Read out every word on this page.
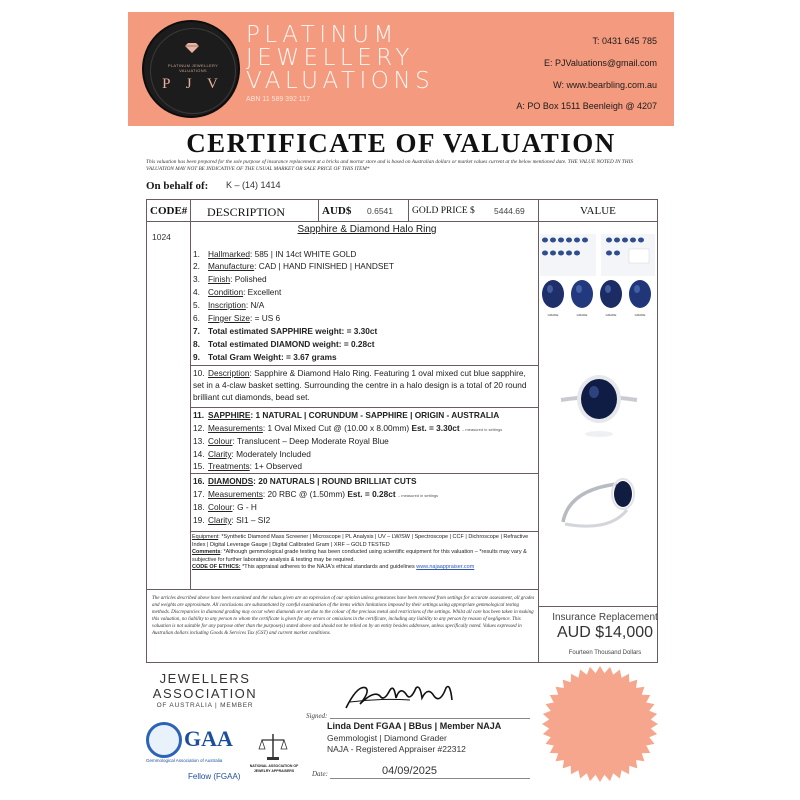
PLATINUM JEWELLERY VALUATIONS
P J V
PLATINUM
JEWELLERY
VALUATIONS
ABN 11 589 392 117
T: 0431 645 785
E: PJValuations@gmail.com
W: www.bearbling.com.au
A: PO Box 1511 Beenleigh @ 4207
CERTIFICATE OF VALUATION
This valuation has been prepared for the sole purpose of insurance replacement at a bricks and mortar store and is based on Australian dollars or market values current at the below mentioned date. THE VALUE NOTED IN THIS VALUATION MAY NOT BE INDICATIVE OF THE USUAL MARKET OR SALE PRICE OF THIS ITEM*
On behalf of: K – (14) 1414
CODE# DESCRIPTION	AUD$ 0.6541 GOLD PRICE $ 5444.69	VALUE
1024
Sapphire & Diamond Halo Ring
1. Hallmarked: 585 | IN 14ct WHITE GOLD
2. Manufacture: CAD | HAND FINISHED | HANDSET
3. Finish: Polished
4. Condition: Excellent
5. Inscription: N/A
6. Finger Size: = US 6
7. Total estimated SAPPHIRE weight: = 3.30ct
8. Total estimated DIAMOND weight: = 0.28ct
9. Total Gram Weight: = 3.67 grams
10. Description: Sapphire & Diamond Halo Ring. Featuring 1 oval mixed cut blue sapphire, set in a 4-claw basket setting. Surrounding the centre in a halo design is a total of 20 round brilliant cut diamonds, bead set.
11. SAPPHIRE: 1 NATURAL | CORUNDUM - SAPPHIRE | ORIGIN - AUSTRALIA
12. Measurements: 1 Oval Mixed Cut @ (10.00 x 8.00mm) Est. = 3.30ct – measured in settings
13. Colour: Translucent – Deep Moderate Royal Blue
14. Clarity: Moderately Included
15. Treatments: 1+ Observed
16. DIAMONDS: 20 NATURALS | ROUND BRILLIAT CUTS
17. Measurements: 20 RBC @ (1.50mm) Est. = 0.28ct – measured in settings
18. Colour: G - H
19. Clarity: SI1 – SI2
Equipment: *Synthetic Diamond Mass Screener | Microscope | PL Analysis | UV – LW/SW | Spectroscope | CCF | Dichroscope | Refractive Index | Digital Leverage Gauge | Digital Calibrated Gram | XRF – GOLD TESTED
Comments: *Although gemmological grade testing has been conducted using scientific equipment for this valuation – *results may vary & subjective for further laboratory analysis & testing may be required.
CODE OF ETHICS: *This appraisal adheres to the NAJA's ethical standards and guidelines www.najaappraiser.com
The articles described above have been examined and the values given are an expression of our opinion unless gemstones have been removed from settings for accurate assessment, all grades and weights are approximate. All conclusions are substantiated by careful examination of the items within limitations imposed by their settings using appropriate gemmological testing methods. Discrepancies in diamond grading may occur when diamonds are set due to the colour of the precious metal and restrictions of the settings. Whilst all care has been taken in making this valuation, no liability to any person to whom the certificate is given for any errors or omissions in the certificate, including any liability to any person by reason of negligence. This valuation is not suitable for any purpose other than the purpose(s) stated above and should not be relied on by an entity besides addressee, unless specifically noted. Values expressed in Australian dollars including Goods & Services Tax (GST) and current market conditions.
Insurance Replacement
AUD $14,000
Fourteen Thousand Dollars
GRADE	GRADE	GRADE	GRADE
JEWELLERS
ASSOCIATION
OF AUSTRALIA | MEMBER
GAA
Gemmological Association of Australia
Fellow (FGAA)
NATIONAL ASSOCIATION OF JEWELRY APPRAISERS
Signed:
Linda Dent FGAA | BBus | Member NAJA
Gemmologist | Diamond Grader
NAJA - Registered Appraiser #22312
Date:	04/09/2025
